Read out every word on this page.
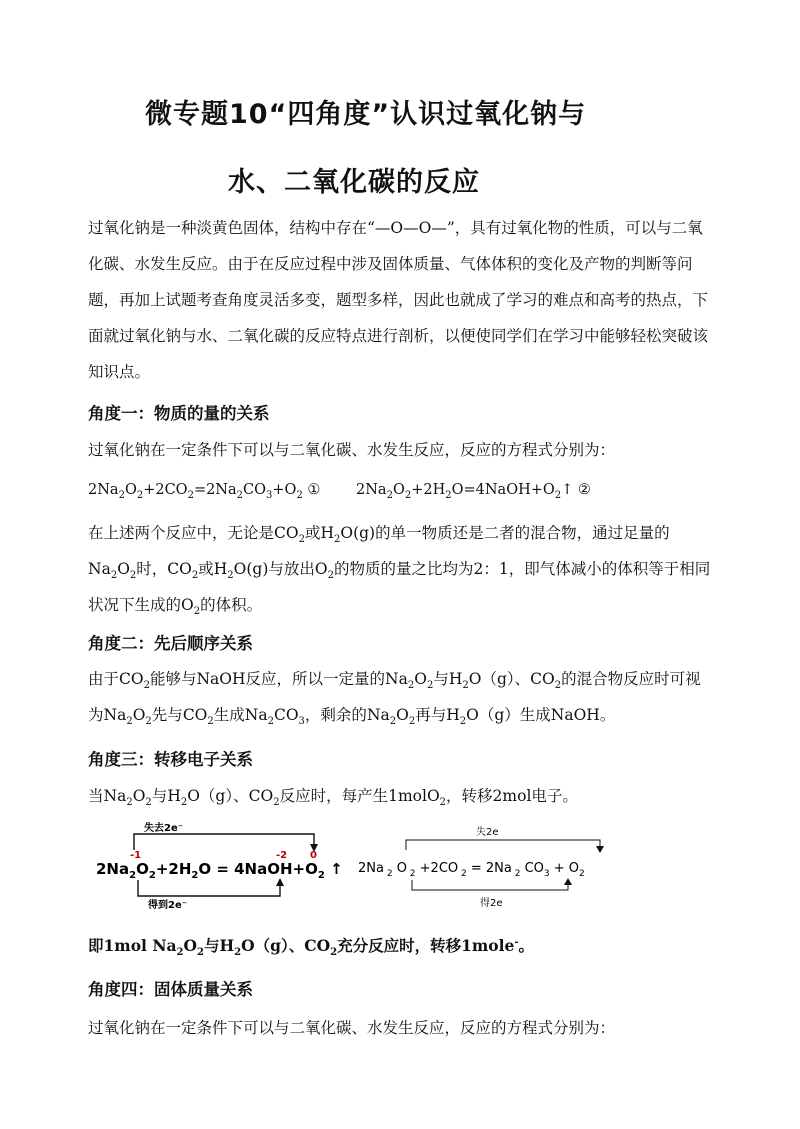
微专题10“四角度”认识过氧化钠与
水、二氧化碳的反应
过氧化钠是一种淡黄色固体，结构中存在“—O—O—”，具有过氧化物的性质，可以与二氧化碳、水发生反应。由于在反应过程中涉及固体质量、气体体积的变化及产物的判断等问题，再加上试题考查角度灵活多变，题型多样，因此也就成了学习的难点和高考的热点，下面就过氧化钠与水、二氧化碳的反应特点进行剖析，以便使同学们在学习中能够轻松突破该知识点。
角度一：物质的量的关系
过氧化钠在一定条件下可以与二氧化碳、水发生反应，反应的方程式分别为：
$2Na_2O_2+2CO_2=2Na_2CO_3+O_2$ ① $2Na_2O_2+2H_2O=4NaOH+O_2↑$ ②
在上述两个反应中，无论是$CO_2$或$H_2O(g)$的单一物质还是二者的混合物，通过足量的$Na_2O_2$时，$CO_2$或$H_2O(g)$与放出$O_2$的物质的量之比均为2：1，即气体减小的体积等于相同状况下生成的$O_2$的体积。
角度二：先后顺序关系
由于$CO_2$能够与NaOH反应，所以一定量的$Na_2O_2$与$H_2O(g)$、$CO_2$的混合物反应时可视为$Na_2O_2$先与$CO_2$生成$Na_2CO_3$，剩余的$Na_2O_2$再与$H_2O(g)$生成NaOH。
角度三：转移电子关系
当$Na_2O_2$与$H_2O(g)$、$CO_2$反应时，每产生1molO$_2$，转移2mol电子。
失去2e⁻
-1	-2 0
$2Na_2O_2+2H_2O$ = $4NaOH+O_2$ ↑
得到2e⁻
失2e
2Na $_2$ O $_2$ +2CO $_2$ = 2Na $_2$ $CO_3 + O_2$
得2e
即1mol $Na_2O_2$与$H_2O(g)$、$CO_2$充分反应时，转移1mole-。
角度四：固体质量关系
过氧化钠在一定条件下可以与二氧化碳、水发生反应，反应的方程式分别为：
